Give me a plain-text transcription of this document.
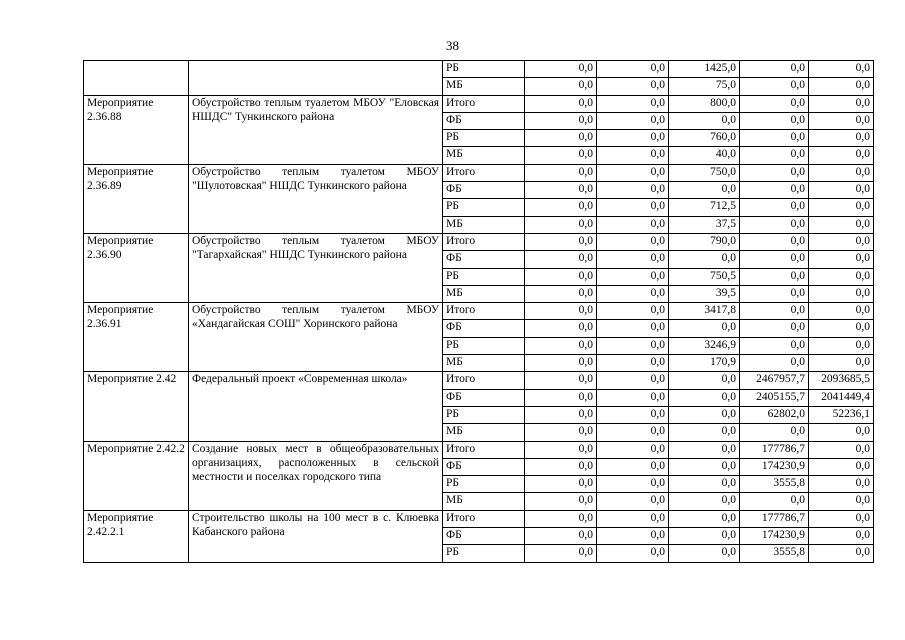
38
		РБ	0,0	0,0	1425,0	0,0	0,0
		МБ	0,0	0,0	75,0	0,0	0,0
Мероприятие 2.36.88	Обустройство теплым туалетом МБОУ "Еловская НШДС" Тункинского района	Итого	0,0	0,0	800,0	0,0	0,0
		ФБ	0,0	0,0	0,0	0,0	0,0
		РБ	0,0	0,0	760,0	0,0	0,0
		МБ	0,0	0,0	40,0	0,0	0,0
Мероприятие 2.36.89	Обустройство теплым туалетом МБОУ "Шулотовская" НШДС Тункинского района	Итого	0,0	0,0	750,0	0,0	0,0
		ФБ	0,0	0,0	0,0	0,0	0,0
		РБ	0,0	0,0	712,5	0,0	0,0
		МБ	0,0	0,0	37,5	0,0	0,0
Мероприятие 2.36.90	Обустройство теплым туалетом МБОУ "Тагархайская" НШДС Тункинского района	Итого	0,0	0,0	790,0	0,0	0,0
		ФБ	0,0	0,0	0,0	0,0	0,0
		РБ	0,0	0,0	750,5	0,0	0,0
		МБ	0,0	0,0	39,5	0,0	0,0
Мероприятие 2.36.91	Обустройство теплым туалетом МБОУ «Хандагайская СОШ" Хоринского района	Итого	0,0	0,0	3417,8	0,0	0,0
		ФБ	0,0	0,0	0,0	0,0	0,0
		РБ	0,0	0,0	3246,9	0,0	0,0
		МБ	0,0	0,0	170,9	0,0	0,0
Мероприятие 2.42	Федеральный проект «Современная школа»	Итого	0,0	0,0	0,0	2467957,7	2093685,5
		ФБ	0,0	0,0	0,0	2405155,7	2041449,4
		РБ	0,0	0,0	0,0	62802,0	52236,1
		МБ	0,0	0,0	0,0	0,0	0,0
Мероприятие 2.42.2	Создание новых мест в общеобразовательных организациях, расположенных в сельской местности и поселках городского типа	Итого	0,0	0,0	0,0	177786,7	0,0
		ФБ	0,0	0,0	0,0	174230,9	0,0
		РБ	0,0	0,0	0,0	3555,8	0,0
		МБ	0,0	0,0	0,0	0,0	0,0
Мероприятие 2.42.2.1	Строительство школы на 100 мест в с. Клюевка Кабанского района	Итого	0,0	0,0	0,0	177786,7	0,0
		ФБ	0,0	0,0	0,0	174230,9	0,0
		РБ	0,0	0,0	0,0	3555,8	0,0
